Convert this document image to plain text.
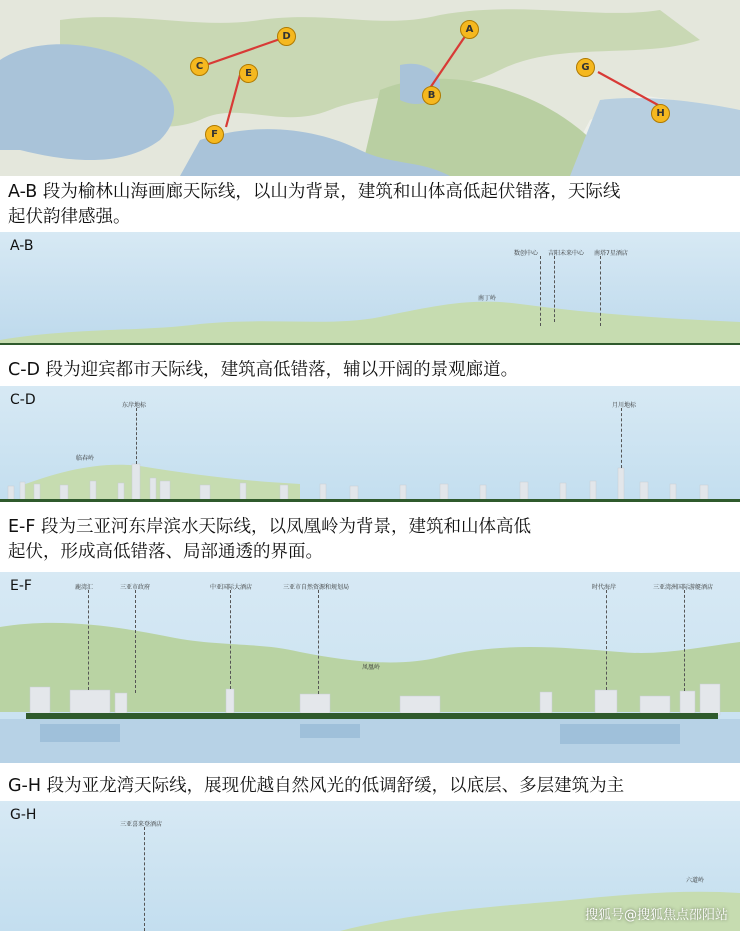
A
B
C
D
E
F
G
H
A-B 段为榆林山海画廊天际线，以山为背景，建筑和山体高低起伏错落，天际线
起伏韵律感强。
A-B
南丁岭
数创中心 吉阳未来中心 南塔7星酒店
C-D 段为迎宾都市天际线，建筑高低错落，辅以开阔的景观廊道。
C-D
临春岭
东岸地标	月川地标
E-F 段为三亚河东岸滨水天际线，以凤凰岭为背景，建筑和山体高低
起伏，形成高低错落、局部通透的界面。
E-F
凤凰岭
鹿湾汇	三亚市政府	中亚国际大酒店	三亚市自然资源和规划局	时代海岸	三亚湾洲国际游艇酒店
G-H 段为亚龙湾天际线，展现优越自然风光的低调舒缓，以底层、多层建筑为主
G-H
六道岭
三亚喜来登酒店
搜狐号@搜狐焦点邵阳站
